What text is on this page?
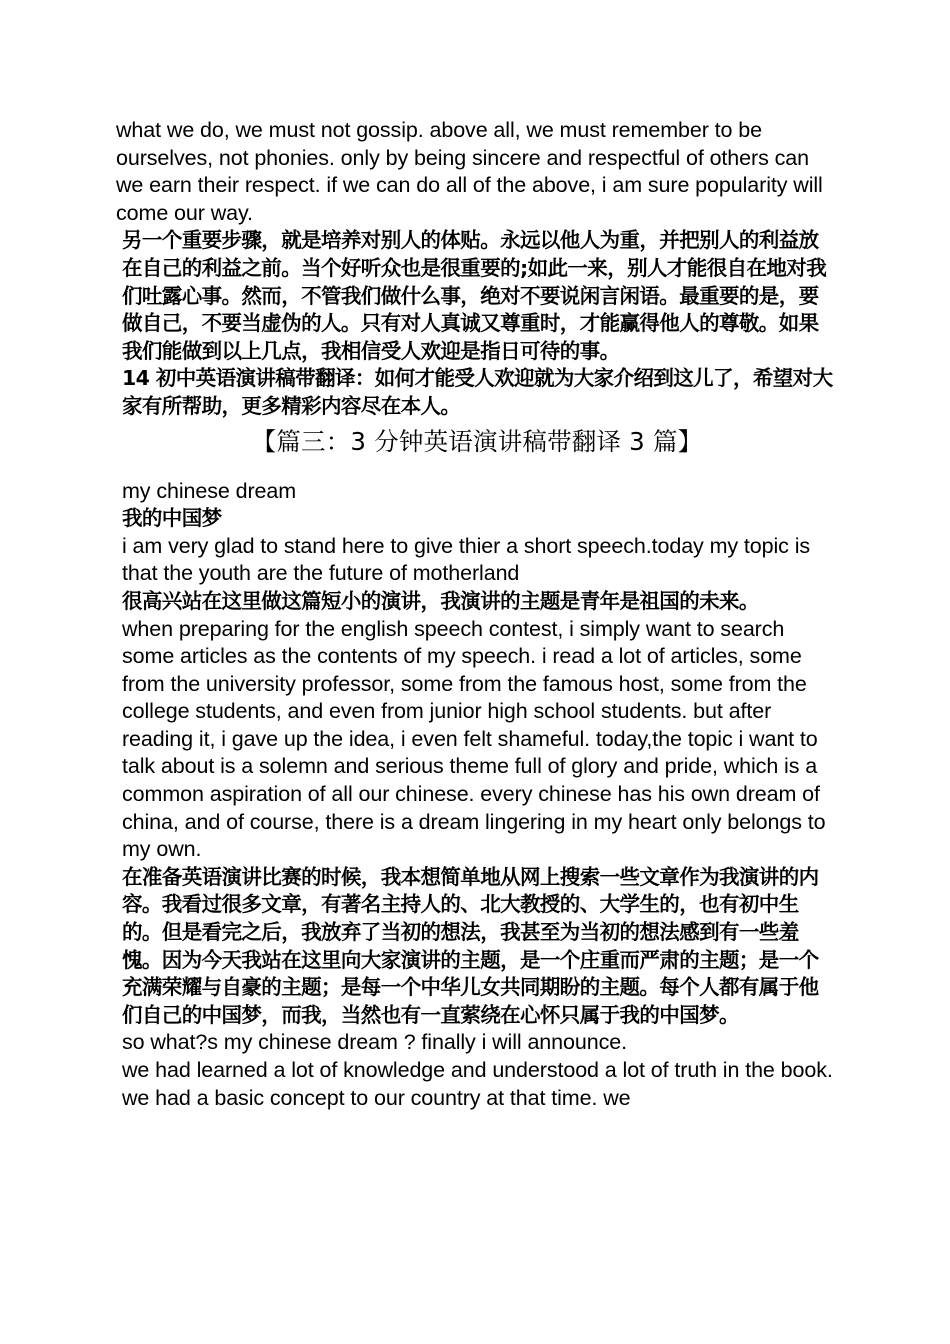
what we do, we must not gossip. above all, we must remember to be ourselves, not phonies. only by being sincere and respectful of others can we earn their respect. if we can do all of the above, i am sure popularity will come our way.

另一个重要步骤，就是培养对别人的体贴。永远以他人为重，并把别人的利益放在自己的利益之前。当个好听众也是很重要的;如此一来，别人才能很自在地对我们吐露心事。然而，不管我们做什么事，绝对不要说闲言闲语。最重要的是，要做自己，不要当虚伪的人。只有对人真诚又尊重时，才能赢得他人的尊敬。如果我们能做到以上几点，我相信受人欢迎是指日可待的事。

14 初中英语演讲稿带翻译：如何才能受人欢迎就为大家介绍到这儿了，希望对大家有所帮助，更多精彩内容尽在本人。

【篇三：3 分钟英语演讲稿带翻译 3 篇】

my chinese dream

我的中国梦

i am very glad to stand here to give thier a short speech.today my topic is that the youth are the future of motherland

很高兴站在这里做这篇短小的演讲，我演讲的主题是青年是祖国的未来。

when preparing for the english speech contest, i simply want to search some articles as the contents of my speech. i read a lot of articles, some from the university professor, some from the famous host, some from the college students, and even from junior high school students. but after reading it, i gave up the idea, i even felt shameful. today,the topic i want to talk about is a solemn and serious theme full of glory and pride, which is a common aspiration of all our chinese. every chinese has his own dream of china, and of course, there is a dream lingering in my heart only belongs to my own.

在准备英语演讲比赛的时候，我本想简单地从网上搜索一些文章作为我演讲的内容。我看过很多文章，有著名主持人的、北大教授的、大学生的，也有初中生的。但是看完之后，我放弃了当初的想法，我甚至为当初的想法感到有一些羞愧。因为今天我站在这里向大家演讲的主题，是一个庄重而严肃的主题；是一个充满荣耀与自豪的主题；是每一个中华儿女共同期盼的主题。每个人都有属于他们自己的中国梦，而我，当然也有一直萦绕在心怀只属于我的中国梦。

so what?s my chinese dream ? finally i will announce.

we had learned a lot of knowledge and understood a lot of truth in the book. we had a basic concept to our country at that time. we
